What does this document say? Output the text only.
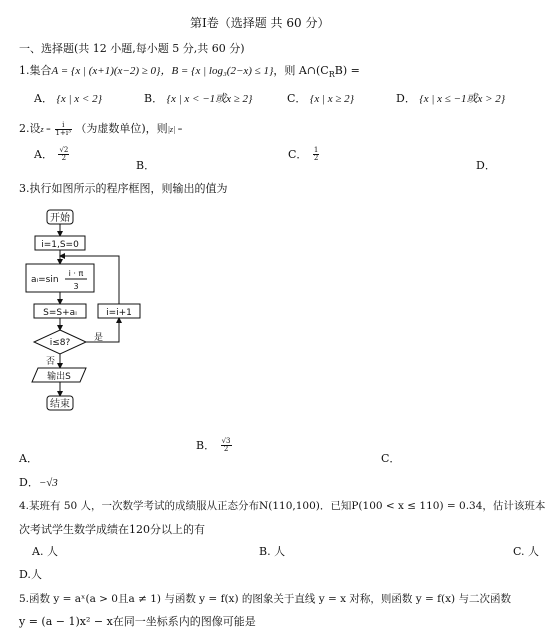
第Ⅰ卷（选择题 共 60 分）
一、选择题(共 12 小题,每小题 5 分,共 60 分)
1.集合A = {x | (x+1)(x−2) ≥ 0}，B = {x | log₃(2−x) ≤ 1}，则 $A\cap(C_RB)$ =
A． {x | x < 2}	B． {x | x < −1或x ≥ 2}	C． {x | x ≥ 2}	D． {x | x ≤ −1或x > 2}
2.设$z = \frac{i}{\text{1+i³}}$ （为虚数单位)，则|z| =
A． $\frac{√2}{2}$
B．
C． $\frac{1}{2}$
D．
3.执行如图所示的程序框图，则输出的值为
开始
i=1,S=0
aᵢ=sin
i · π
3
S=S+aᵢ	i=i+1
i≤8?	是
否
输出S
结束
A．
B． $\frac{√3}{2}$
C．
D．−√3
4.某班有 50 人，一次数学考试的成绩服从正态分布N(110,100)．已知P(100 < x ≤ 110) = 0.34，估计该班本
次考试学生数学成绩在120分以上的有
A. 人	B. 人	C. 人
D.人
5.函数 y = aˣ(a > 0且a ≠ 1) 与函数 y = f(x) 的图象关于直线 y = x 对称，则函数 y = f(x) 与二次函数
y = (a − 1)x² − x在同一坐标系内的图像可能是
